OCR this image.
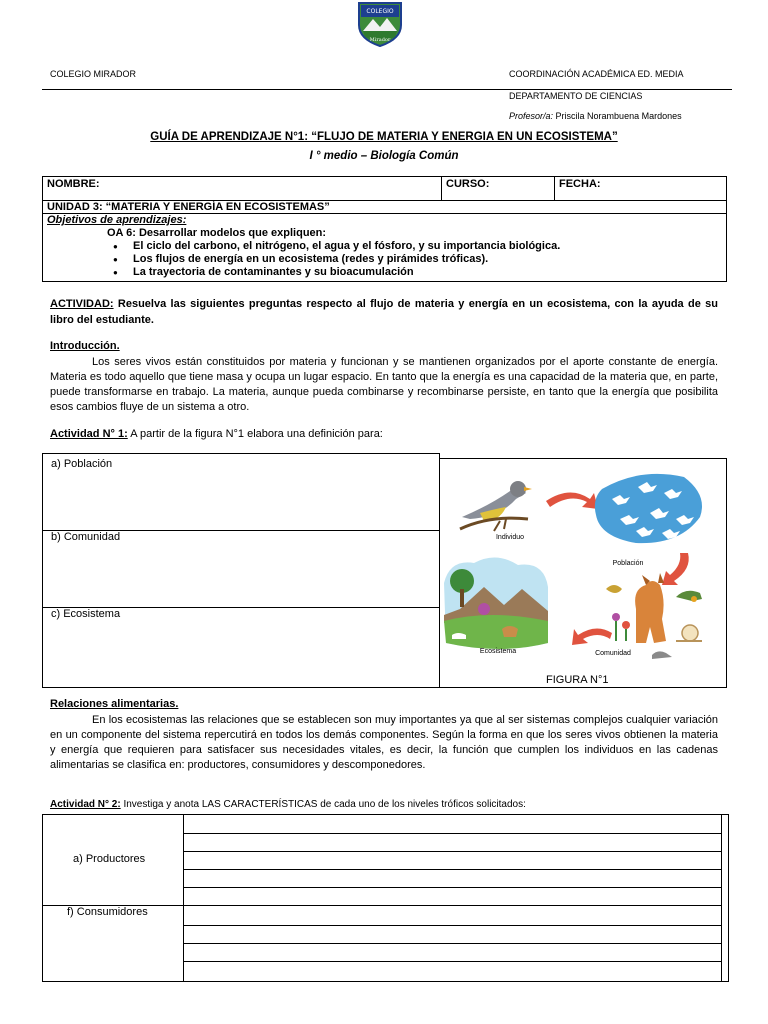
COLEGIO
Mirador
COLEGIO MIRADOR	COORDINACIÓN ACADÉMICA ED. MEDIA
DEPARTAMENTO DE CIENCIAS
Profesor/a: Priscila Norambuena Mardones
GUÍA DE APRENDIZAJE N°1: “FLUJO DE MATERIA Y ENERGIA EN UN ECOSISTEMA”
I ° medio – Biología Común
NOMBRE:	CURSO:	FECHA:
UNIDAD 3: “MATERIA Y ENERGÍA EN ECOSISTEMAS”

Objetivos de aprendizajes:
OA 6: Desarrollar modelos que expliquen:
● El ciclo del carbono, el nitrógeno, el agua y el fósforo, y su importancia biológica.
● Los flujos de energía en un ecosistema (redes y pirámides tróficas).
● La trayectoria de contaminantes y su bioacumulación
ACTIVIDAD: Resuelva las siguientes preguntas respecto al flujo de materia y energía en un ecosistema, con la ayuda de su libro del estudiante.
Introducción.
Los seres vivos están constituidos por materia y funcionan y se mantienen organizados por el aporte constante de energía. Materia es todo aquello que tiene masa y ocupa un lugar espacio. En tanto que la energía es una capacidad de la materia que, en parte, puede transformarse en trabajo. La materia, aunque pueda combinarse y recombinarse persiste, en tanto que la energía que posibilita esos cambios fluye de un sistema a otro.
Actividad N° 1: A partir de la figura N°1 elabora una definición para:
a) Población
b) Comunidad
c) Ecosistema
Individuo
Población
Comunidad
Ecosistema
FIGURA N°1
Relaciones alimentarias.
En los ecosistemas las relaciones que se establecen son muy importantes ya que al ser sistemas complejos cualquier variación en un componente del sistema repercutirá en todos los demás componentes. Según la forma en que los seres vivos obtienen la materia y energía que requieren para satisfacer sus necesidades vitales, es decir, la función que cumplen los individuos en las cadenas alimentarias se clasifica en: productores, consumidores y descomponedores.
Actividad N° 2: Investiga y anota LAS CARACTERÍSTICAS de cada uno de los niveles tróficos solicitados:
a) Productores
f) Consumidores
